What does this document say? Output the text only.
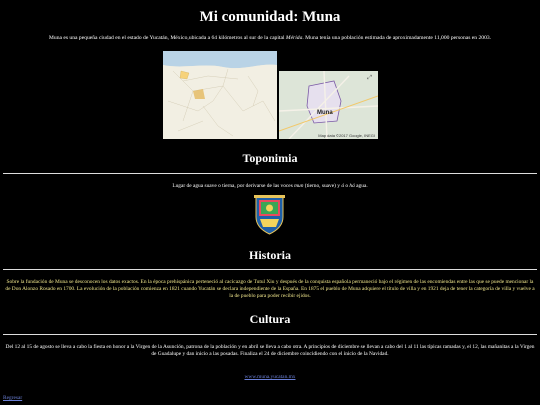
Mi comunidad: Muna

Muna es una pequeña ciudad en el estado de Yucatán, México,ubicada a 64 kilómetros al sur de la capital Mérida. Muna tenía una población estimada de aproximadamente 11,000 personas en 2003.

⤢
Muna
Map data ©2017 Google, INEGI
Toponimia

Lugar de agua suave o tierna, por derivarse de las voces mun (tierno, suave) y á o há agua.

Historia

Sobre la fundación de Muna se desconocen los datos exactos. En la época prehispánica perteneció al cacicazgo de Tutul Xiu y después de la conquista española permaneció bajo el régimen de las encomiendas entre las que se puede mencionar la de Don Alonzo Rosado en 1700. La evolución de la población comienza en 1821 cuando Yucatán se declara independiente de la España. En 1875 el pueblo de Muna adquiere el título de villa y en 1921 deja de tener la categoría de villa y vuelve a la de pueblo para poder recibir ejidos.

Cultura

Del 12 al 15 de agosto se lleva a cabo la fiesta en honor a la Virgen de la Asunción, patrona de la población y en abril se lleva a cabo otra. A principios de diciembre se llevan a cabo del 1 al 11 las típicas ramadas y, el 12, las mañanitas a la Virgen de Guadalupe y dan inicio a las posadas. Finaliza el 24 de diciembre coincidiendo con el inicio de la Navidad.

www.muna.yucatan.mx
Regresar
